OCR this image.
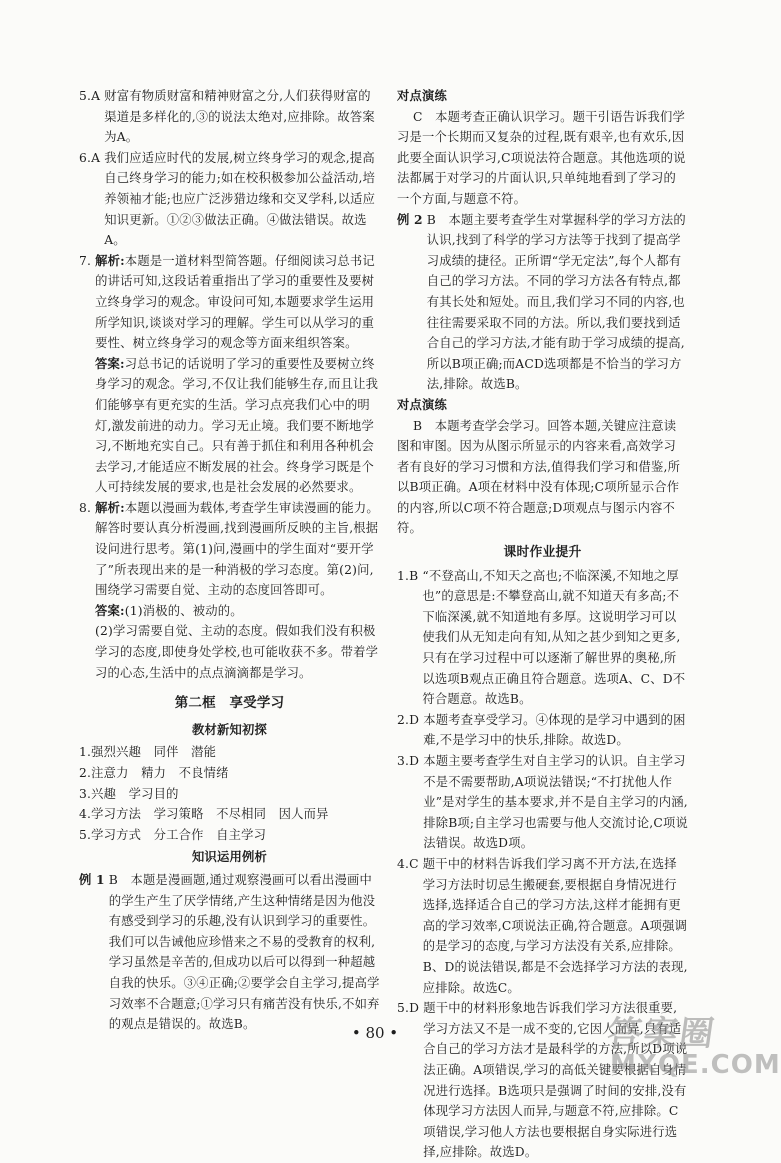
5.A 财富有物质财富和精神财富之分,人们获得财富的渠道是多样化的,③的说法太绝对,应排除。故答案为A。
6.A 我们应适应时代的发展,树立终身学习的观念,提高自己终身学习的能力;如在校积极参加公益活动,培养领袖才能;也应广泛涉猎边缘和交叉学科,以适应知识更新。①②③做法正确。④做法错误。故选A。
7. 解析:本题是一道材料型简答题。仔细阅读习总书记的讲话可知,这段话着重指出了学习的重要性及要树立终身学习的观念。审设问可知,本题要求学生运用所学知识,谈谈对学习的理解。学生可以从学习的重要性、树立终身学习的观念等方面来组织答案。

答案:习总书记的话说明了学习的重要性及要树立终身学习的观念。学习,不仅让我们能够生存,而且让我们能够享有更充实的生活。学习点亮我们心中的明灯,激发前进的动力。学习无止境。我们要不断地学习,不断地充实自己。只有善于抓住和利用各种机会去学习,才能适应不断发展的社会。终身学习既是个人可持续发展的要求,也是社会发展的必然要求。

8. 解析:本题以漫画为载体,考查学生审读漫画的能力。解答时要认真分析漫画,找到漫画所反映的主旨,根据设问进行思考。第(1)问,漫画中的学生面对“要开学了”所表现出来的是一种消极的学习态度。第(2)问,围绕学习需要自觉、主动的态度回答即可。

答案:(1)消极的、被动的。

(2)学习需要自觉、主动的态度。假如我们没有积极学习的态度,即使身处学校,也可能收获不多。带着学习的心态,生活中的点点滴滴都是学习。

第二框　享受学习
教材新知初探
1.强烈兴趣　同伴　潜能
2.注意力　精力　不良情绪
3.兴趣　学习目的
4.学习方法　学习策略　不尽相同　因人而异
5.学习方式　分工合作　自主学习
知识运用例析
例 1 B　本题是漫画题,通过观察漫画可以看出漫画中的学生产生了厌学情绪,产生这种情绪是因为他没有感受到学习的乐趣,没有认识到学习的重要性。我们可以告诫他应珍惜来之不易的受教育的权利,学习虽然是辛苦的,但成功以后可以得到一种超越自我的快乐。③④正确;②要学会自主学习,提高学习效率不合题意;①学习只有痛苦没有快乐,不如弃的观点是错误的。故选B。
对点演练

C　本题考查正确认识学习。题干引语告诉我们学习是一个长期而又复杂的过程,既有艰辛,也有欢乐,因此要全面认识学习,C项说法符合题意。其他选项的说法都属于对学习的片面认识,只单纯地看到了学习的一个方面,与题意不符。

例 2 B　本题主要考查学生对掌握科学的学习方法的认识,找到了科学的学习方法等于找到了提高学习成绩的捷径。正所谓“学无定法”,每个人都有自己的学习方法。不同的学习方法各有特点,都有其长处和短处。而且,我们学习不同的内容,也往往需要采取不同的方法。所以,我们要找到适合自己的学习方法,才能有助于学习成绩的提高,所以B项正确;而ACD选项都是不恰当的学习方法,排除。故选B。
对点演练

B　本题考查学会学习。回答本题,关键应注意读图和审图。因为从图示所显示的内容来看,高效学习者有良好的学习习惯和方法,值得我们学习和借鉴,所以B项正确。A项在材料中没有体现;C项所显示合作的内容,所以C项不符合题意;D项观点与图示内容不符。

课时作业提升
1.B “不登高山,不知天之高也;不临深溪,不知地之厚也”的意思是:不攀登高山,就不知道天有多高;不下临深溪,就不知道地有多厚。这说明学习可以使我们从无知走向有知,从知之甚少到知之更多,只有在学习过程中可以逐渐了解世界的奥秘,所以选项B观点正确且符合题意。选项A、C、D不符合题意。故选B。
2.D 本题考查享受学习。④体现的是学习中遇到的困难,不是学习中的快乐,排除。故选D。
3.D 本题主要考查学生对自主学习的认识。自主学习不是不需要帮助,A项说法错误;“不打扰他人作业”是对学生的基本要求,并不是自主学习的内涵,排除B项;自主学习也需要与他人交流讨论,C项说法错误。故选D项。
4.C 题干中的材料告诉我们学习离不开方法,在选择学习方法时切忌生搬硬套,要根据自身情况进行选择,选择适合自己的学习方法,这样才能拥有更高的学习效率,C项说法正确,符合题意。A项强调的是学习的态度,与学习方法没有关系,应排除。B、D的说法错误,都是不会选择学习方法的表现,应排除。故选C。
5.D 题干中的材料形象地告诉我们学习方法很重要,学习方法又不是一成不变的,它因人而异,只有适合自己的学习方法才是最科学的方法,所以D项说法正确。A项错误,学习的高低关键要根据自身情况进行选择。B选项只是强调了时间的安排,没有体现学习方法因人而异,与题意不符,应排除。C项错误,学习他人方法也要根据自身实际进行选择,应排除。故选D。
• 80 •	答案圈
MXQE.COM
